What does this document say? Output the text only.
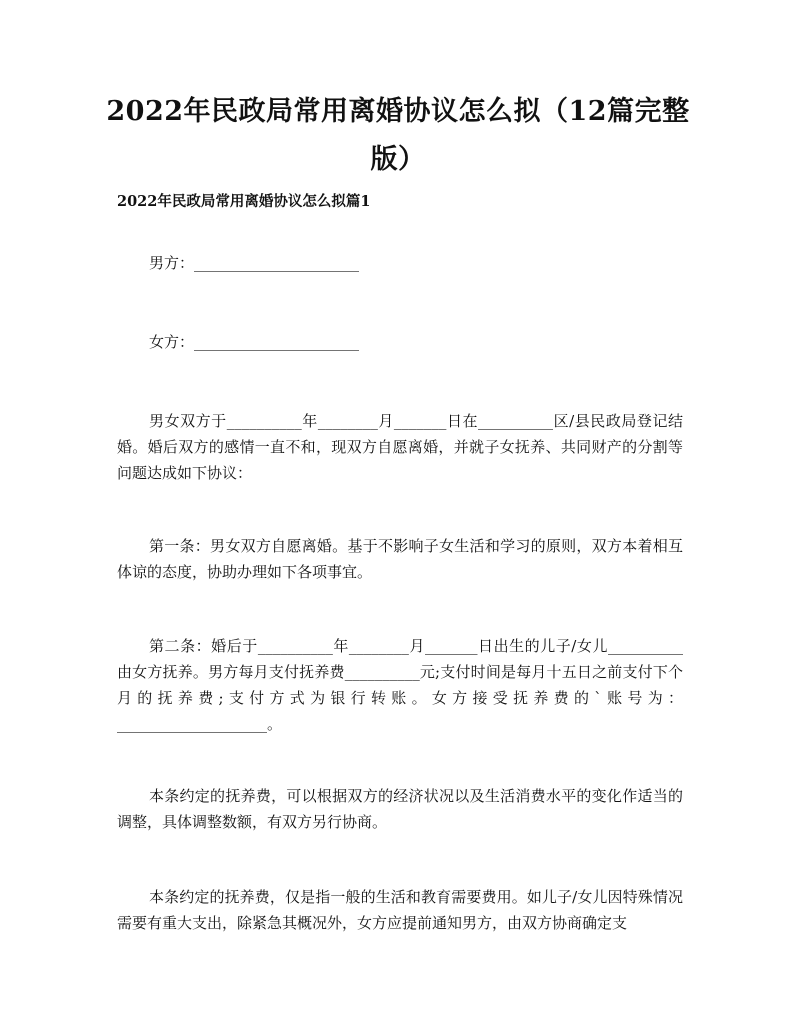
2022年民政局常用离婚协议怎么拟（12篇完整版）
2022年民政局常用离婚协议怎么拟篇1

男方：______________________

女方：______________________

男女双方于__________年________月_______日在__________区/县民政局登记结婚。婚后双方的感情一直不和，现双方自愿离婚，并就子女抚养、共同财产的分割等问题达成如下协议：

第一条：男女双方自愿离婚。基于不影响子女生活和学习的原则，双方本着相互体谅的态度，协助办理如下各项事宜。

第二条：婚后于__________年________月_______日出生的儿子/女儿__________由女方抚养。男方每月支付抚养费__________元;支付时间是每月十五日之前支付下个月的抚养费;支付方式为银行转账。女方接受抚养费的`账号为：____________________。

本条约定的抚养费，可以根据双方的经济状况以及生活消费水平的变化作适当的调整，具体调整数额，有双方另行协商。

本条约定的抚养费，仅是指一般的生活和教育需要费用。如儿子/女儿因特殊情况需要有重大支出，除紧急其概况外，女方应提前通知男方，由双方协商确定支
